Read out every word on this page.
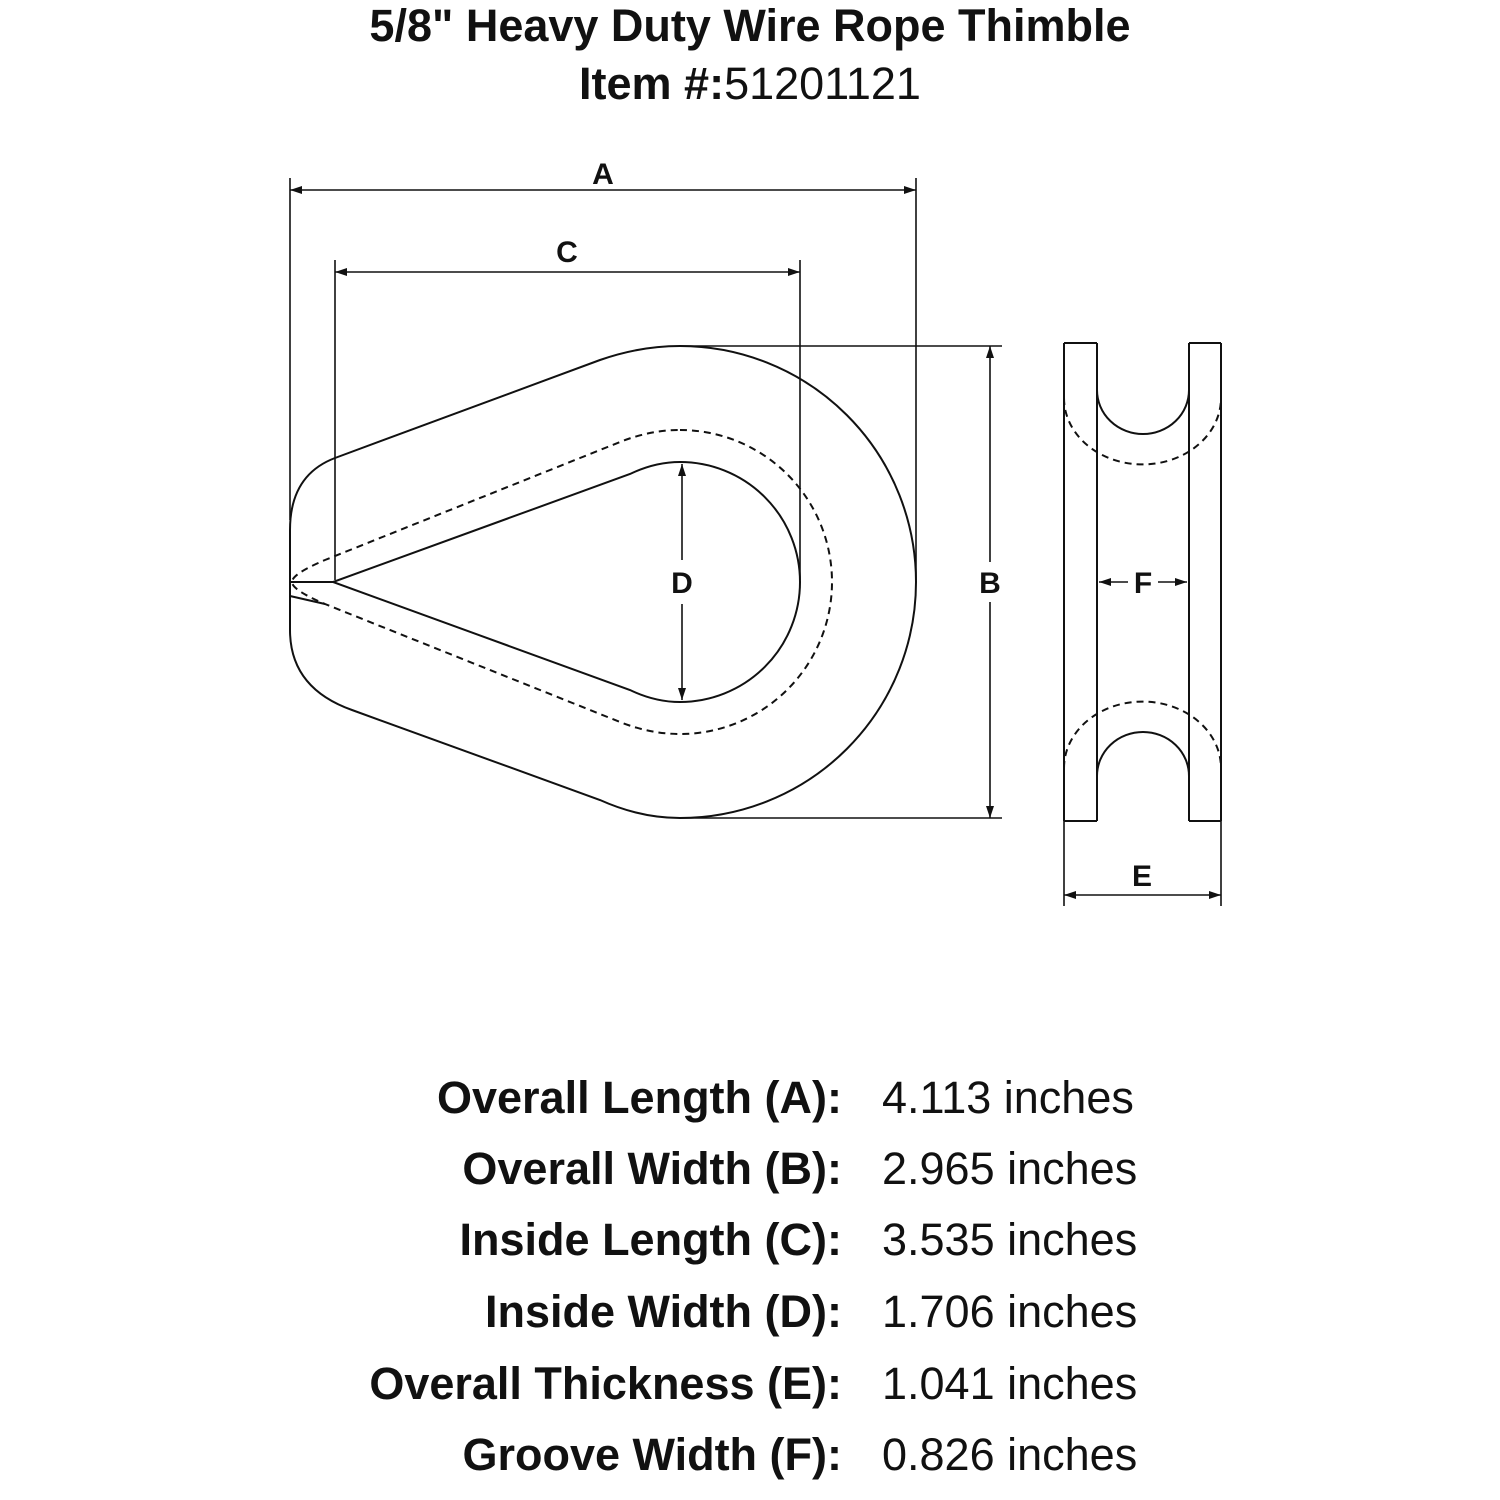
5/8" Heavy Duty Wire Rope Thimble
Item #:51201121
A
C
D	B	F
E
Overall Length (A): 4.113 inches
Overall Width (B): 2.965 inches
Inside Length (C): 3.535 inches
Inside Width (D): 1.706 inches
Overall Thickness (E): 1.041 inches
Groove Width (F): 0.826 inches
